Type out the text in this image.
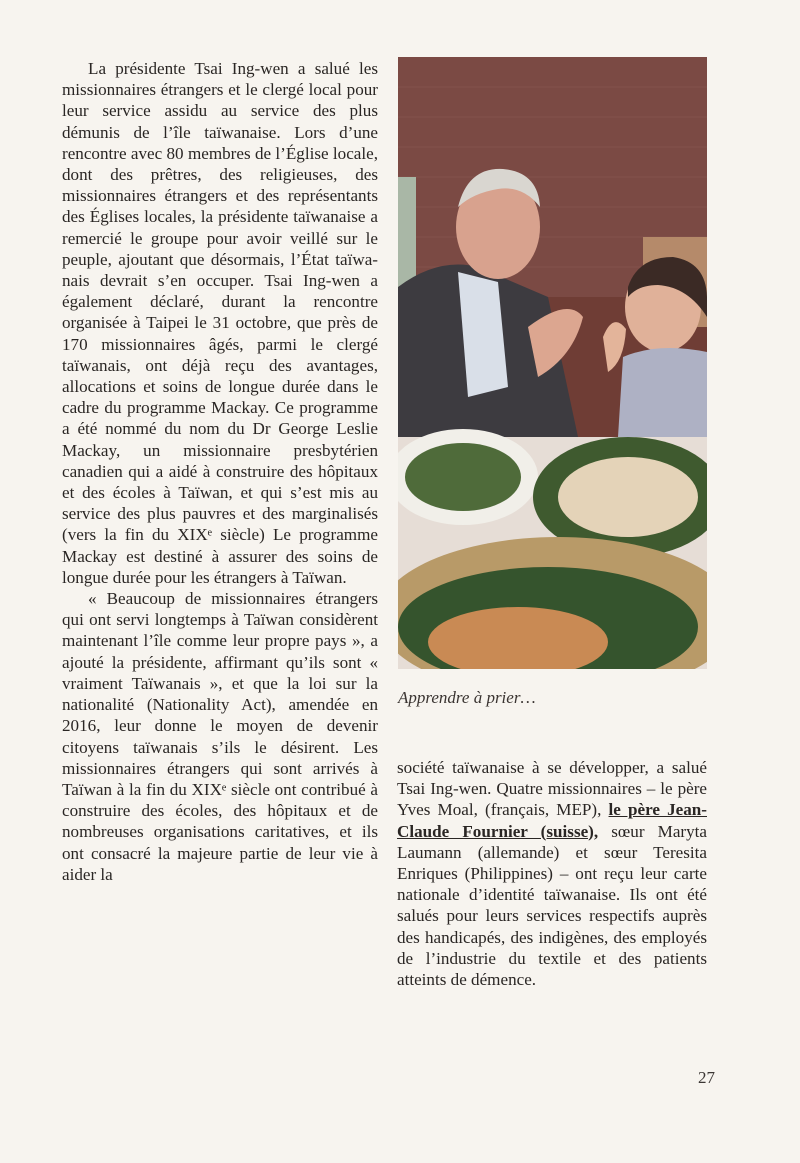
La présidente Tsai Ing-wen a salué les missionnaires étrangers et le clergé local pour leur service assidu au service des plus démunis de l’île taïwanaise. Lors d’une rencontre avec 80 membres de l’Église locale, dont des prêtres, des religieuses, des missionnaires étrangers et des représentants des Églises locales, la présidente taïwanaise a remercié le groupe pour avoir veillé sur le peuple, ajoutant que désormais, l’État taïwanais devrait s’en occuper. Tsai Ing-wen a également déclaré, durant la rencontre organisée à Taipei le 31 octobre, que près de 170 missionnaires âgés, parmi le clergé taïwanais, ont déjà reçu des avantages, allocations et soins de longue durée dans le cadre du programme Mackay. Ce programme a été nommé du nom du Dr George Leslie Mackay, un missionnaire presbytérien canadien qui a aidé à construire des hôpitaux et des écoles à Taïwan, et qui s’est mis au service des plus pauvres et des marginalisés (vers la fin du XIXᵉ siècle) Le programme Mackay est destiné à assurer des soins de longue durée pour les étrangers à Taïwan.

« Beaucoup de missionnaires étrangers qui ont servi longtemps à Taïwan considèrent maintenant l’île comme leur propre pays », a ajouté la présidente, affirmant qu’ils sont « vraiment Taïwanais », et que la loi sur la nationalité (Nationality Act), amendée en 2016, leur donne le moyen de devenir citoyens taïwanais s’ils le désirent. Les missionnaires étrangers qui sont arrivés à Taïwan à la fin du XIXᵉ siècle ont contribué à construire des écoles, des hôpitaux et de nombreuses organisations caritatives, et ils ont consacré la majeure partie de leur vie à aider la

Apprendre à prier…

société taïwanaise à se développer, a salué Tsai Ing-wen. Quatre missionnaires – le père Yves Moal, (français, MEP), le père Jean-Claude Fournier (suisse), sœur Maryta Laumann (allemande) et sœur Teresita Enriques (Philippines) – ont reçu leur carte nationale d’identité taïwanaise. Ils ont été salués pour leurs services respectifs auprès des handicapés, des indigènes, des employés de l’industrie du textile et des patients atteints de démence.

27
